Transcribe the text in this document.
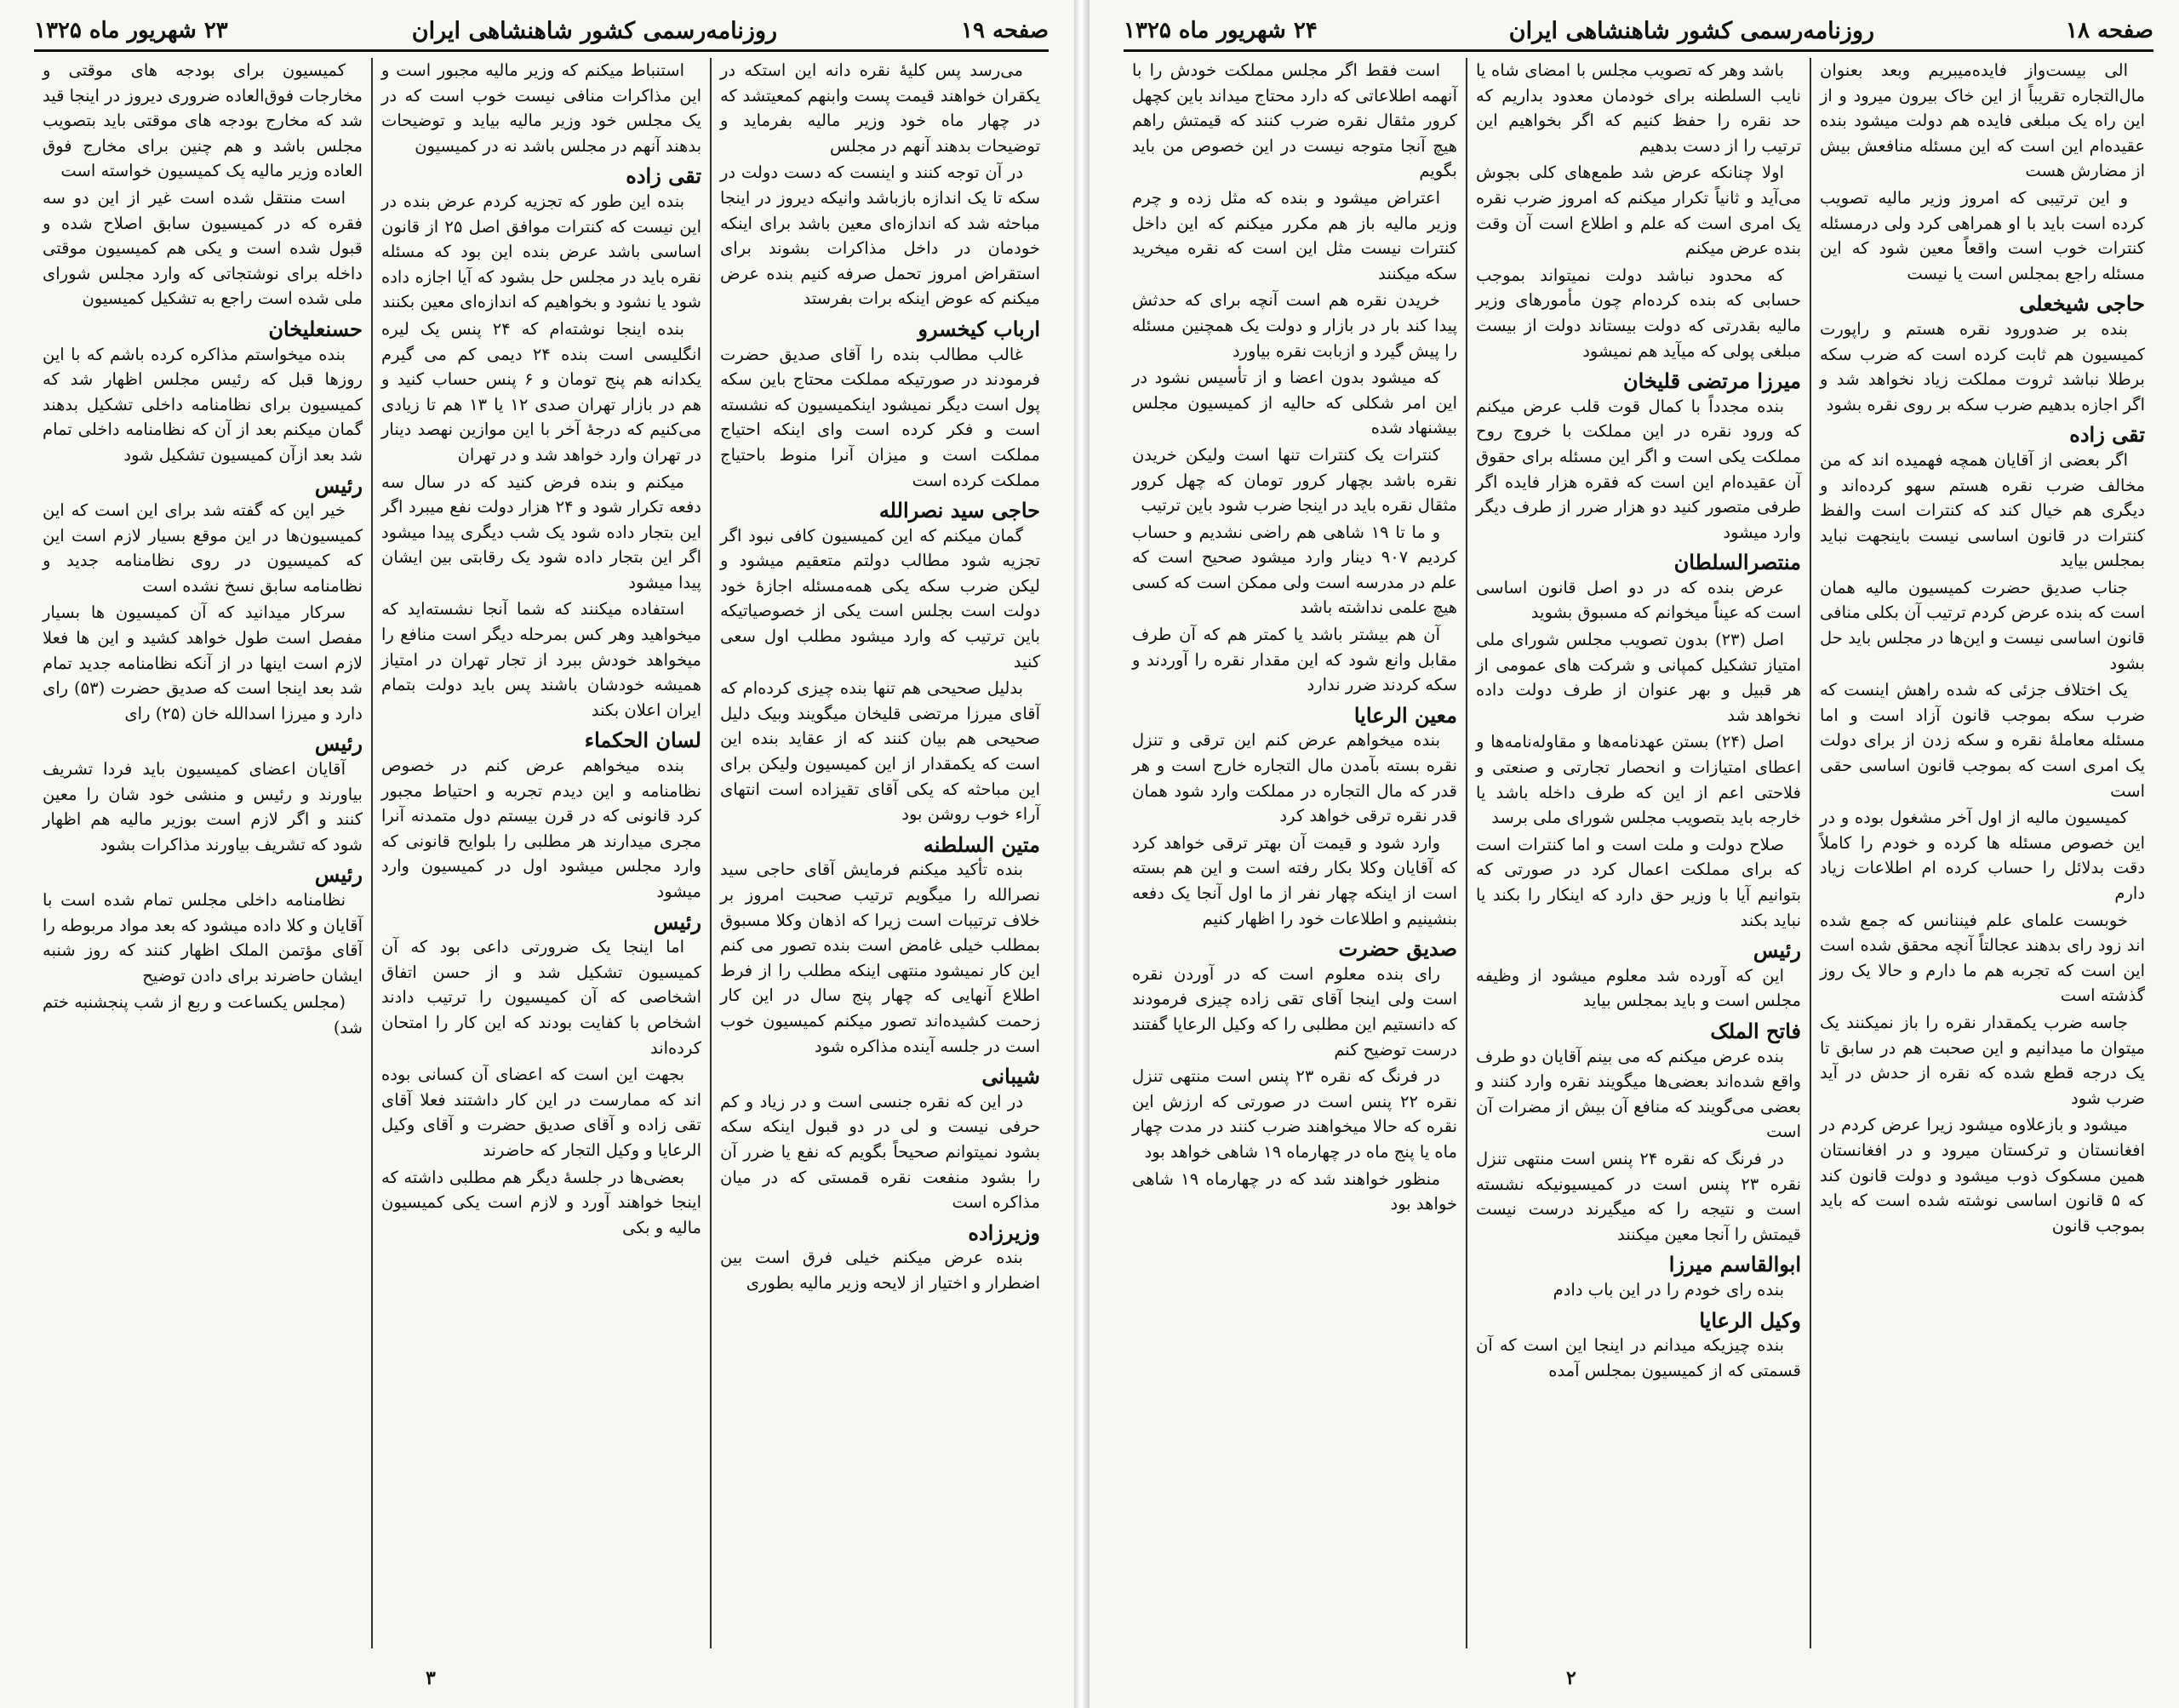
صفحه ۱۹
روزنامه‌رسمی کشور شاهنشاهی ایران
۲۳ شهریور ماه ۱۳۲۵

می‌رسد پس کلیهٔ نقره دانه این استکه در یکقران خواهند قیمت پست وابنهم کمعیتشد که در چهار ماه خود وزیر مالیه بفرماید و توضیحات بدهند آنهم در مجلس

در آن توجه کنند و اینست که دست دولت در سکه تا یک اندازه بازباشد وانیکه دیروز در اینجا مباحثه شد که اندازه‌ای معین باشد برای اینکه خودمان در داخل مذاکرات بشوند برای استقراض امروز تحمل صرفه کنیم بنده عرض میکنم که عوض اینکه برات بفرستد

ارباب کیخسرو

غالب مطالب بنده را آقای صدیق حضرت فرمودند در صورتیکه مملکت محتاج باین سکه پول است دیگر نمیشود اینکمیسیون که نشسته است و فکر کرده است وای اینکه احتیاج مملکت است و میزان آنرا منوط باحتیاج مملکت کرده است

حاجی سید نصرالله

گمان میکنم که این کمیسیون کافی نبود اگر تجزیه شود مطالب دولتم متعقیم میشود و لیکن ضرب سکه یکی همه‌مسئله اجازهٔ خود دولت است بجلس است یکی از خصوصیاتیکه باین ترتیب که وارد میشود مطلب اول سعی کنید

بدلیل صحیحی هم تنها بنده چیزی کرده‌ام که آقای میرزا مرتضی قلیخان میگویند وبیک دلیل صحیحی هم بیان کنند که از عقاید بنده این است که یکمقدار از این کمیسیون ولیکن برای این مباحثه که یکی آقای تقیزاده است انتهای آراء خوب روشن بود

متین السلطنه

بنده تأکید میکنم فرمایش آقای حاجی سید نصرالله را میگویم ترتیب صحبت امروز بر خلاف ترتیبات است زیرا که اذهان وکلا مسبوق بمطلب خیلی غامض است بنده تصور می کنم این کار نمیشود منتهی اینکه مطلب را از فرط اطلاع آنهایی که چهار پنج سال در این کار زحمت کشیده‌اند تصور میکنم کمیسیون خوب است در جلسه آینده مذاکره شود

شیبانی

در این که نقره جنسی است و در زیاد و کم حرفی نیست و لی در دو قبول اینکه سکه بشود نمیتوانم صحیحاً بگویم که نفع یا ضرر آن را بشود منفعت نقره قمستی که در میان مذاکره است

وزیرزاده

بنده عرض میکنم خیلی فرق است بین اضطرار و اختیار از لایحه وزیر مالیه بطوری

استنباط میکنم که وزیر مالیه مجبور است و این مذاکرات منافی نیست خوب است که در یک مجلس خود وزیر مالیه بیاید و توضیحات بدهند آنهم در مجلس باشد نه در کمیسیون

تقی زاده

بنده این طور که تجزیه کردم عرض بنده در این نیست که کنترات موافق اصل ۲۵ از قانون اساسی باشد عرض بنده این بود که مسئله نقره باید در مجلس حل بشود که آیا اجازه داده شود یا نشود و بخواهیم که اندازه‌ای معین بکنند

بنده اینجا نوشته‌ام که ۲۴ پنس یک لیره انگلیسی است بنده ۲۴ دیمی کم می گیرم یکدانه هم پنج تومان و ۶ پنس حساب کنید و هم در بازار تهران صدی ۱۲ یا ۱۳ هم تا زیادی می‌کنیم که درجهٔ آخر با این موازین نهصد دینار در تهران وارد خواهد شد و در تهران

میکنم و بنده فرض کنید که در سال سه دفعه تکرار شود و ۲۴ هزار دولت نفع میبرد اگر این بتجار داده شود یک شب دیگری پیدا میشود اگر این بتجار داده شود یک رقابتی بین ایشان پیدا میشود

استفاده میکنند که شما آنجا نشسته‌اید که میخواهید وهر کس بمرحله دیگر است منافع را میخواهد خودش ببرد از تجار تهران در امتیاز همیشه خودشان باشند پس باید دولت بتمام ایران اعلان بکند

لسان الحکماء

بنده میخواهم عرض کنم در خصوص نظامنامه و این دیدم تجربه و احتیاط مجبور کرد قانونی که در قرن بیستم دول متمدنه آنرا مجری میدارند هر مطلبی را بلوایح قانونی که وارد مجلس میشود اول در کمیسیون وارد میشود

رئیس

اما اینجا یک ضرورتی داعی بود که آن کمیسیون تشکیل شد و از حسن اتفاق اشخاصی که آن کمیسیون را ترتیب دادند اشخاص با کفایت بودند که این کار را امتحان کرده‌اند

بجهت این است که اعضای آن کسانی بوده اند که ممارست در این کار داشتند فعلا آقای تقی زاده و آقای صدیق حضرت و آقای وکیل الرعایا و وکیل التجار که حاضرند

بعضی‌ها در جلسهٔ دیگر هم مطلبی داشته که اینجا خواهند آورد و لازم است یکی کمیسیون مالیه و بکی

کمیسیون برای بودجه های موقتی و مخارجات فوق‌العاده ضروری دیروز در اینجا قید شد که مخارج بودجه های موقتی باید بتصویب مجلس باشد و هم چنین برای مخارج فوق العاده وزیر مالیه یک کمیسیون خواسته است

است منتقل شده است غیر از این دو سه فقره که در کمیسیون سابق اصلاح شده و قبول شده است و یکی هم کمیسیون موقتی داخله برای نوشتجاتی که وارد مجلس شورای ملی شده است راجع به تشکیل کمیسیون

حسنعلیخان

بنده میخواستم مذاکره کرده باشم که با این روزها قبل که رئیس مجلس اظهار شد که کمیسیون برای نظامنامه داخلی تشکیل بدهند گمان میکنم بعد از آن که نظامنامه داخلی تمام شد بعد ازآن کمیسیون تشکیل شود

رئیس

خیر این که گفته شد برای این است که این کمیسیون‌ها در این موقع بسیار لازم است این که کمیسیون در روی نظامنامه جدید و نظامنامه سابق نسخ نشده است

سرکار میدانید که آن کمیسیون ها بسیار مفصل است طول خواهد کشید و این ها فعلا لازم است اینها در از آنکه نظامنامه جدید تمام شد بعد اینجا است که صدیق حضرت (۵۳) رای دارد و میرزا اسدالله خان (۲۵) رای

رئیس

آقایان اعضای کمیسیون باید فردا تشریف بیاورند و رئیس و منشی خود شان را معین کنند و اگر لازم است بوزیر مالیه هم اظهار شود که تشریف بیاورند مذاکرات بشود

رئیس

نظامنامه داخلی مجلس تمام شده است با آقایان و کلا داده میشود که بعد مواد مربوطه را آقای مؤتمن الملک اظهار کنند که روز شنبه ایشان حاضرند برای دادن توضیح

(مجلس یکساعت و ربع از شب پنجشنبه ختم شد)

۳
صفحه ۱۸
روزنامه‌رسمی کشور شاهنشاهی ایران
۲۴ شهریور ماه ۱۳۲۵

الی بیست‌واز فایده‌میبریم وبعد بعنوان مال‌التجاره تقریباً از این خاک بیرون میرود و از این راه یک مبلغی فایده هم دولت میشود بنده عقیده‌ام این است که این مسئله منافعش بیش از مضارش هست

و این ترتیبی که امروز وزیر مالیه تصویب کرده است باید با او همراهی کرد ولی درمسئله کنترات خوب است واقعاً معین شود که این مسئله راجع بمجلس است یا نیست

حاجی شیخعلی

بنده بر ضدورود نقره هستم و راپورت کمیسیون هم ثابت کرده است که ضرب سکه برطلا نباشد ثروت مملکت زیاد نخواهد شد و اگر اجازه بدهیم ضرب سکه بر روی نقره بشود

تقی زاده

اگر بعضی از آقایان همچه فهمیده اند که من مخالف ضرب نقره هستم سهو کرده‌اند و دیگری هم خیال کند که کنترات است والفظ کنترات در قانون اساسی نیست باینجهت نباید بمجلس بیاید

جناب صدیق حضرت کمیسیون مالیه همان است که بنده عرض کردم ترتیب آن بکلی منافی قانون اساسی نیست و این‌ها در مجلس باید حل بشود

یک اختلاف جزئی که شده راهش اینست که ضرب سکه بموجب قانون آزاد است و اما مسئله معاملهٔ نقره و سکه زدن از برای دولت یک امری است که بموجب قانون اساسی حقی است

کمیسیون مالیه از اول آخر مشغول بوده و در این خصوص مسئله ها کرده و خودم را کاملاً دقت بدلائل را حساب کرده ام اطلاعات زیاد دارم

خوبست علمای علم فیننانس که جمع شده اند زود رای بدهند عجالتاً آنچه محقق شده است این است که تجربه هم ما دارم و حالا یک روز گذشته است

جاسه ضرب یکمقدار نقره را باز نمیکنند یک میتوان ما میدانیم و این صحبت هم در سابق تا یک درجه قطع شده که نقره از حدش در آید ضرب شود

میشود و بازعلاوه میشود زیرا عرض کردم در افغانستان و ترکستان میرود و در افغانستان همین مسکوک ذوب میشود و دولت قانون کند که ۵ قانون اساسی نوشته شده است که باید بموجب قانون

باشد وهر که تصویب مجلس با امضای شاه یا نایب السلطنه برای خودمان معدود بداریم که حد نقره را حفظ کنیم که اگر بخواهیم این ترتیب را از دست بدهیم

اولا چنانکه عرض شد طمع‌های کلی بجوش می‌آید و ثانیاً تکرار میکنم که امروز ضرب نقره یک امری است که علم و اطلاع است آن وقت بنده عرض میکنم

که محدود نباشد دولت نمیتواند بموجب حسابی که بنده کرده‌ام چون مأمورهای وزیر مالیه بقدرتی که دولت بیستاند دولت از بیست مبلغی پولی که میآید هم نمیشود

میرزا مرتضی قلیخان

بنده مجدداً با کمال قوت قلب عرض میکنم که ورود نقره در این مملکت با خروج روح مملکت یکی است و اگر این مسئله برای حقوق آن عقیده‌ام این است که فقره هزار فایده اگر طرفی متصور کنید دو هزار ضرر از طرف دیگر وارد میشود

منتصرالسلطان

عرض بنده که در دو اصل قانون اساسی است که عیناً میخوانم که مسبوق بشوید

اصل (۲۳) بدون تصویب مجلس شورای ملی امتیاز تشکیل کمپانی و شرکت های عمومی از هر قبیل و بهر عنوان از طرف دولت داده نخواهد شد

اصل (۲۴) بستن عهدنامه‌ها و مقاوله‌نامه‌ها و اعطای امتیازات و انحصار تجارتی و صنعتی و فلاحتی اعم از این که طرف داخله باشد یا خارجه باید بتصویب مجلس شورای ملی برسد

صلاح دولت و ملت است و اما کنترات است که برای مملکت اعمال کرد در صورتی که بتوانیم آیا با وزیر حق دارد که اینکار را بکند یا نباید بکند

رئیس

این که آورده شد معلوم میشود از وظیفه مجلس است و باید بمجلس بیاید

فاتح الملک

بنده عرض میکنم که می بینم آقایان دو طرف واقع شده‌اند بعضی‌ها میگویند نقره وارد کنند و بعضی می‌گویند که منافع آن بیش از مضرات آن است

در فرنگ که نقره ۲۴ پنس است منتهی تنزل نقره ۲۳ پنس است در کمیسیونیکه نشسته است و نتیجه را که میگیرند درست نیست قیمتش را آنجا معین میکنند

ابوالقاسم میرزا

بنده رای خودم را در این باب دادم

وکیل الرعایا

بنده چیزیکه میدانم در اینجا این است که آن قسمتی که از کمیسیون بمجلس آمده

است فقط اگر مجلس مملکت خودش را با آنهمه اطلاعاتی که دارد محتاج میداند باین کچهل کرور مثقال نقره ضرب کنند که قیمتش راهم هیچ آنجا متوجه نیست در این خصوص من باید بگویم

اعتراض میشود و بنده که مثل زده و چرم وزیر مالیه باز هم مکرر میکنم که این داخل کنترات نیست مثل این است که نقره میخرید سکه میکنند

خریدن نقره هم است آنچه برای که حدثش پیدا کند بار در بازار و دولت یک همچنین مسئله را پیش گیرد و ازبابت نقره بیاورد

که میشود بدون اعضا و از تأسیس نشود در این امر شکلی که حالیه از کمیسیون مجلس بیشنهاد شده

کنترات یک کنترات تنها است ولیکن خریدن نقره باشد بچهار کرور تومان که چهل کرور مثقال نقره باید در اینجا ضرب شود باین ترتیب

و ما تا ۱۹ شاهی هم راضی نشدیم و حساب کردیم ۹۰۷ دینار وارد میشود صحیح است که علم در مدرسه است ولی ممکن است که کسی هیچ علمی نداشته باشد

آن هم بیشتر باشد یا کمتر هم که آن طرف مقابل وانع شود که این مقدار نقره را آوردند و سکه کردند ضرر ندارد

معین الرعایا

بنده میخواهم عرض کنم این ترقی و تنزل نقره بسته بآمدن مال التجاره خارج است و هر قدر که مال التجاره در مملکت وارد شود همان قدر نقره ترقی خواهد کرد

وارد شود و قیمت آن بهتر ترقی خواهد کرد که آقایان وکلا بکار رفته است و این هم بسته است از اینکه چهار نفر از ما اول آنجا یک دفعه بنشینیم و اطلاعات خود را اظهار کنیم

صدیق حضرت

رای بنده معلوم است که در آوردن نقره است ولی اینجا آقای تقی زاده چیزی فرمودند که دانستیم این مطلبی را که وکیل الرعایا گفتند درست توضیح کنم

در فرنگ که نقره ۲۳ پنس است منتهی تنزل نقره ۲۲ پنس است در صورتی که ارزش این نقره که حالا میخواهند ضرب کنند در مدت چهار ماه یا پنج ماه در چهارماه ۱۹ شاهی خواهد بود

منظور خواهند شد که در چهارماه ۱۹ شاهی خواهد بود

۲
